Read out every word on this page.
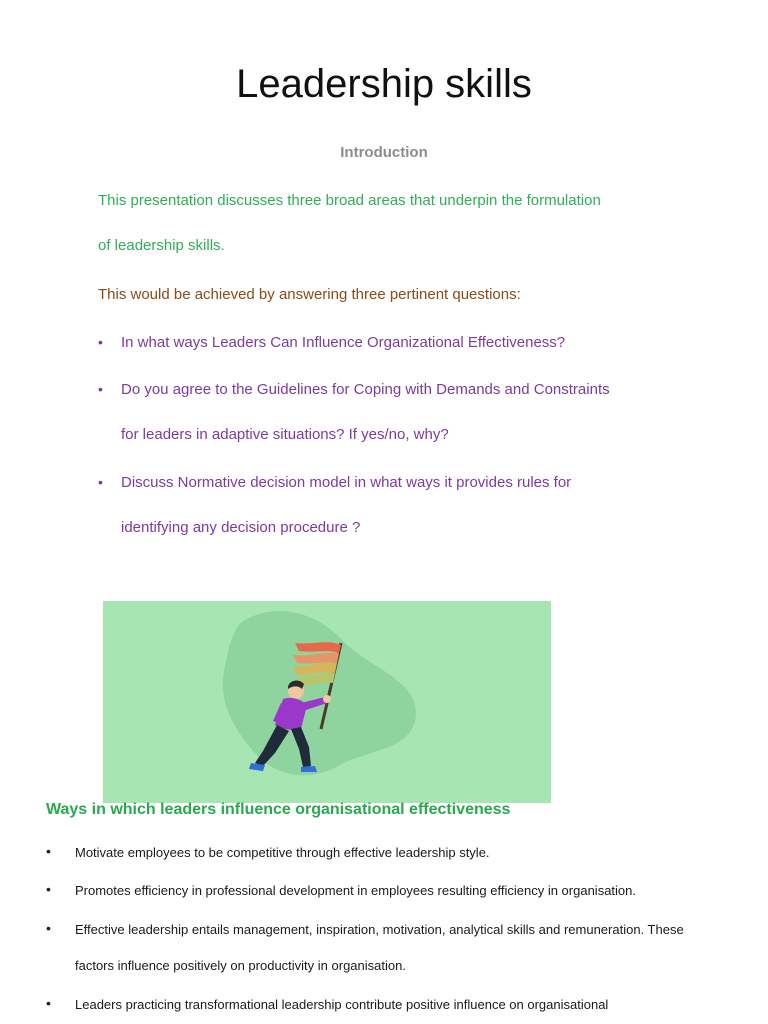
Leadership skills
Introduction
This presentation discusses three broad areas that underpin the formulation
of leadership skills.
This would be achieved by answering three pertinent questions:
• In what ways Leaders Can Influence Organizational Effectiveness?
• Do you agree to the Guidelines for Coping with Demands and Constraints
for leaders in adaptive situations? If yes/no, why?
• Discuss Normative decision model in what ways it provides rules for
identifying any decision procedure ?
Ways in which leaders influence organisational effectiveness
• Motivate employees to be competitive through effective leadership style.
• Promotes efficiency in professional development in employees resulting efficiency in organisation.
• Effective leadership entails management, inspiration, motivation, analytical skills and remuneration. These
factors influence positively on productivity in organisation.
• Leaders practicing transformational leadership contribute positive influence on organisational
